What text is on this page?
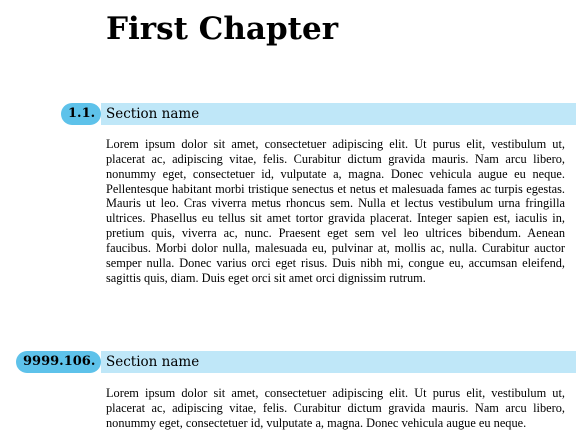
First Chapter
1.1. Section name

Lorem ipsum dolor sit amet, consectetuer adipiscing elit. Ut purus elit, vestibulum ut, placerat ac, adipiscing vitae, felis. Curabitur dictum gravida mauris. Nam arcu libero, nonummy eget, consectetuer id, vulputate a, magna. Donec vehicula augue eu neque. Pellentesque habitant morbi tristique senectus et netus et malesuada fames ac turpis egestas. Mauris ut leo. Cras viverra metus rhoncus sem. Nulla et lectus vestibulum urna fringilla ultrices. Phasellus eu tellus sit amet tortor gravida placerat. Integer sapien est, iaculis in, pretium quis, viverra ac, nunc. Praesent eget sem vel leo ultrices bibendum. Aenean faucibus. Morbi dolor nulla, malesuada eu, pulvinar at, mollis ac, nulla. Curabitur auctor semper nulla. Donec varius orci eget risus. Duis nibh mi, congue eu, accumsan eleifend, sagittis quis, diam. Duis eget orci sit amet orci dignissim rutrum.

9999.106. Section name

Lorem ipsum dolor sit amet, consectetuer adipiscing elit. Ut purus elit, vestibulum ut, placerat ac, adipiscing vitae, felis. Curabitur dictum gravida mauris. Nam arcu libero, nonummy eget, consectetuer id, vulputate a, magna. Donec vehicula augue eu neque.
